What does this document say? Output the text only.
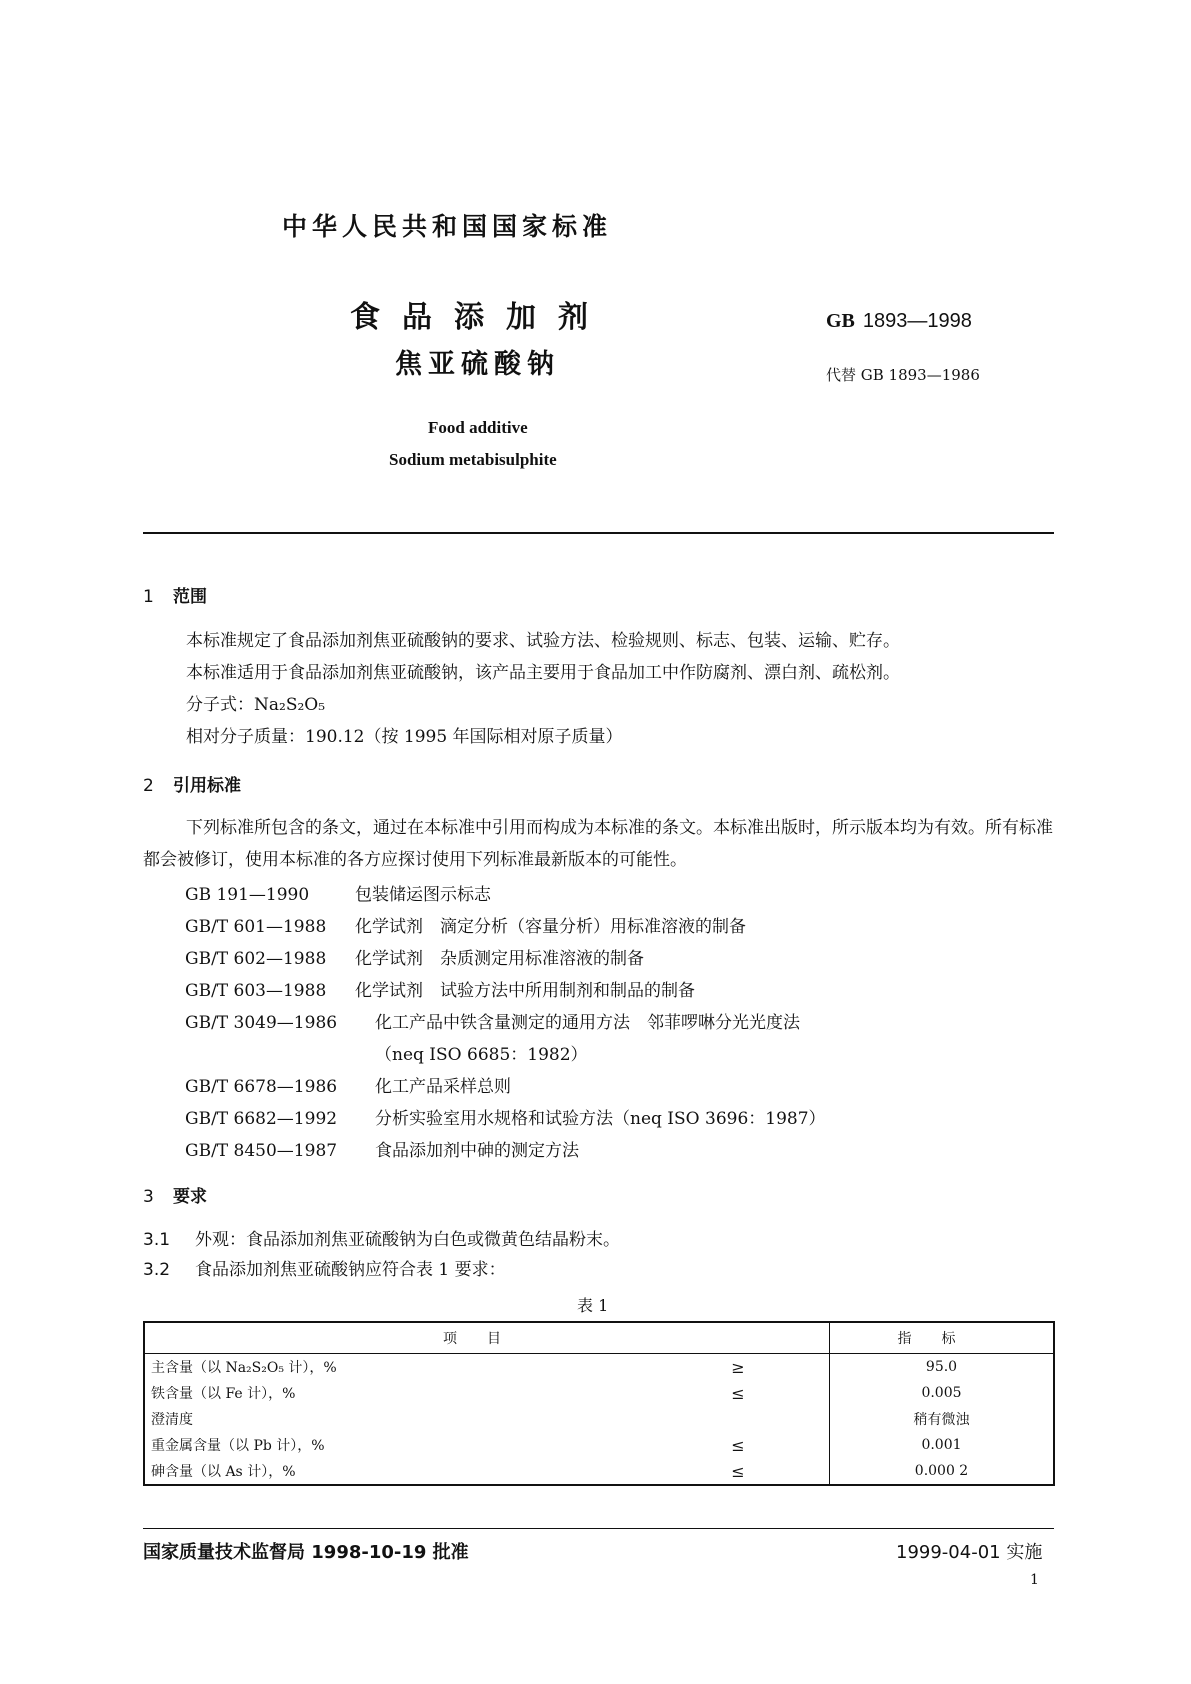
中华人民共和国国家标准
食品添加剂
焦亚硫酸钠
GB 1893—1998
代替 GB 1893—1986
Food additive
Sodium metabisulphite
1 范围
本标准规定了食品添加剂焦亚硫酸钠的要求、试验方法、检验规则、标志、包装、运输、贮存。
本标准适用于食品添加剂焦亚硫酸钠，该产品主要用于食品加工中作防腐剂、漂白剂、疏松剂。
分子式：Na₂S₂O₅
相对分子质量：190.12（按 1995 年国际相对原子质量）
2 引用标准
下列标准所包含的条文，通过在本标准中引用而构成为本标准的条文。本标准出版时，所示版本均为有效。所有标准都会被修订，使用本标准的各方应探讨使用下列标准最新版本的可能性。
GB 191—1990	包装储运图示标志
GB/T 601—1988 化学试剂　滴定分析（容量分析）用标准溶液的制备
GB/T 602—1988 化学试剂　杂质测定用标准溶液的制备
GB/T 603—1988 化学试剂　试验方法中所用制剂和制品的制备
GB/T 3049—1986 化工产品中铁含量测定的通用方法　邻菲啰啉分光光度法
（neq ISO 6685：1982）
GB/T 6678—1986 化工产品采样总则
GB/T 6682—1992 分析实验室用水规格和试验方法（neq ISO 3696：1987）
GB/T 8450—1987 食品添加剂中砷的测定方法
3 要求
3.1 外观：食品添加剂焦亚硫酸钠为白色或微黄色结晶粉末。
3.2 食品添加剂焦亚硫酸钠应符合表 1 要求：
表 1
项目		指标
主含量（以 Na₂S₂O₅ 计），%	≥	95.0
铁含量（以 Fe 计），%	≤	0.005
澄清度		稍有微浊
重金属含量（以 Pb 计），%	≤	0.001
砷含量（以 As 计），%	≤	0.000 2
国家质量技术监督局 1998-10-19 批准	1999-04-01 实施
1
